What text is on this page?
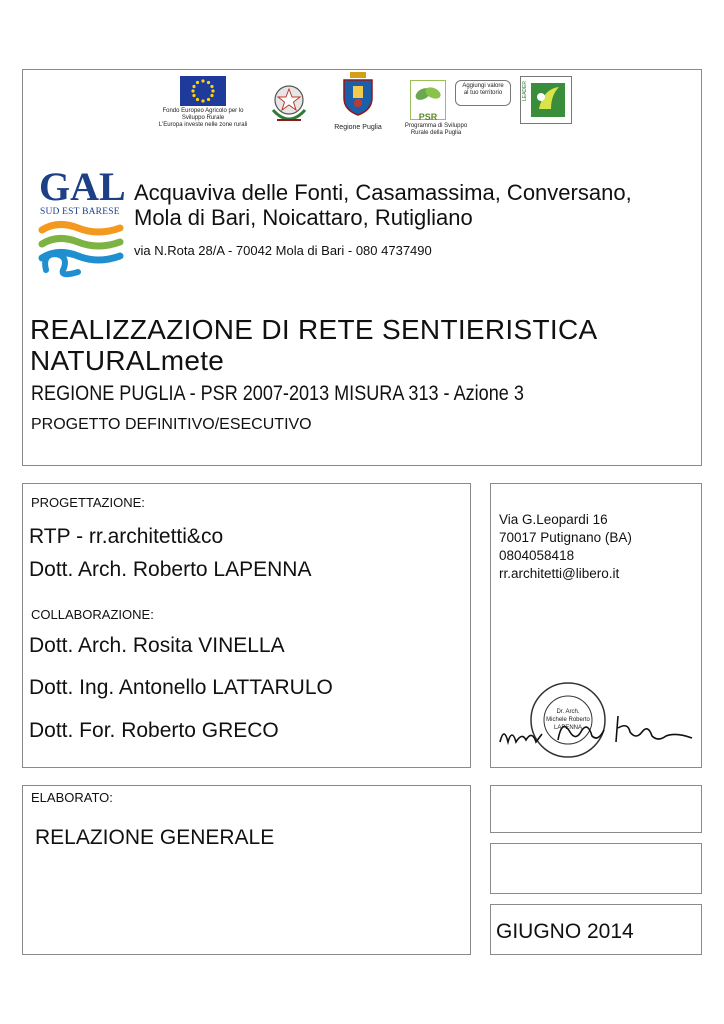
Fondo Europeo Agricolo per lo
Sviluppo Rurale
L'Europa investe nelle zone rurali	Regione Puglia
PSR
Aggiungi valore
al tuo territorio
Programma di Sviluppo
Rurale della Puglia
LEADER
GAL
SUD EST BARESE
Acquaviva delle Fonti, Casamassima, Conversano,
Mola di Bari, Noicattaro, Rutigliano
via N.Rota 28/A - 70042 Mola di Bari - 080 4737490
REALIZZAZIONE DI RETE SENTIERISTICA
NATURALmete
REGIONE PUGLIA - PSR 2007-2013 MISURA 313 - Azione 3
PROGETTO DEFINITIVO/ESECUTIVO
PROGETTAZIONE:
RTP - rr.architetti&co
Dott. Arch. Roberto LAPENNA
COLLABORAZIONE:
Dott. Arch. Rosita VINELLA
Dott. Ing. Antonello LATTARULO
Dott. For. Roberto GRECO
Via G.Leopardi 16
70017 Putignano (BA)
0804058418
rr.architetti@libero.it
Dr. Arch.
Michele Roberto
LAPENNA
ELABORATO:
RELAZIONE GENERALE
GIUGNO 2014
